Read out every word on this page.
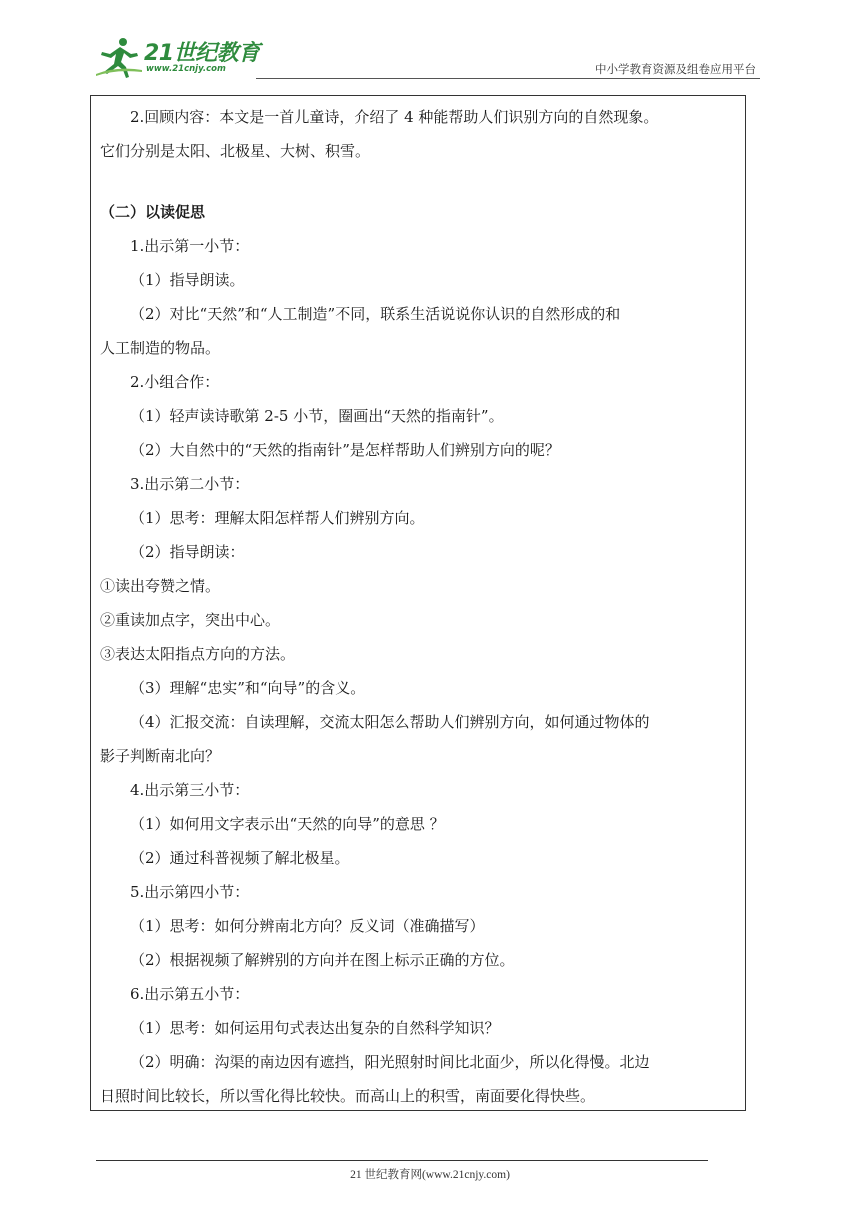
21世纪教育
www.21cnjy.com	中小学教育资源及组卷应用平台
2.回顾内容：本文是一首儿童诗，介绍了 4 种能帮助人们识别方向的自然现象。
它们分别是太阳、北极星、大树、积雪。
（二）以读促思
1.出示第一小节：
（1）指导朗读。
（2）对比“天然”和“人工制造”不同，联系生活说说你认识的自然形成的和
人工制造的物品。
2.小组合作：
（1）轻声读诗歌第 2-5 小节，圈画出“天然的指南针”。
（2）大自然中的“天然的指南针”是怎样帮助人们辨别方向的呢？
3.出示第二小节：
（1）思考：理解太阳怎样帮人们辨别方向。
（2）指导朗读：
①读出夸赞之情。
②重读加点字，突出中心。
③表达太阳指点方向的方法。
（3）理解“忠实”和“向导”的含义。
（4）汇报交流：自读理解，交流太阳怎么帮助人们辨别方向，如何通过物体的
影子判断南北向？
4.出示第三小节：
（1）如何用文字表示出“天然的向导”的意思 ？
（2）通过科普视频了解北极星。
5.出示第四小节：
（1）思考：如何分辨南北方向？反义词（准确描写）
（2）根据视频了解辨别的方向并在图上标示正确的方位。
6.出示第五小节：
（1）思考：如何运用句式表达出复杂的自然科学知识？
（2）明确：沟渠的南边因有遮挡，阳光照射时间比北面少，所以化得慢。北边
日照时间比较长，所以雪化得比较快。而高山上的积雪，南面要化得快些。
21 世纪教育网(www.21cnjy.com)
